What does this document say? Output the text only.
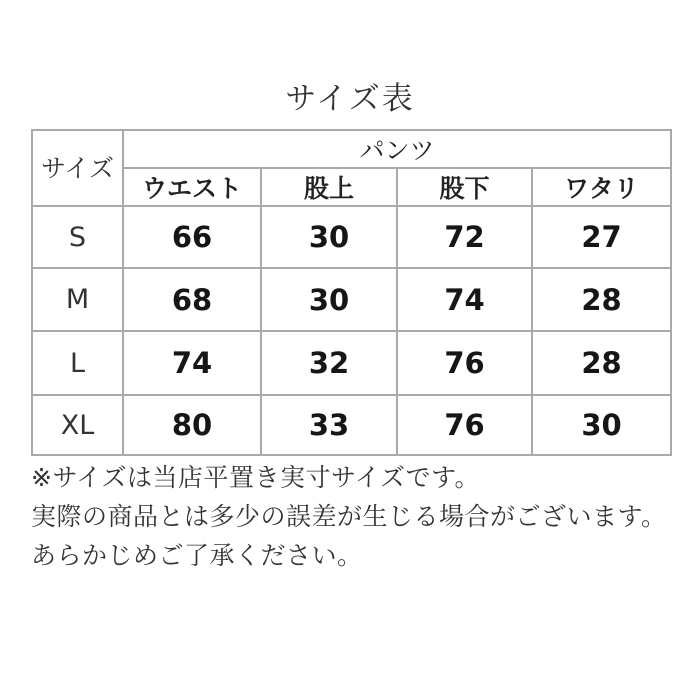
サイズ表
サイズ	パンツ			
	ウエスト	股上	股下	ワタリ
S	66	30	72	27
M	68	30	74	28
L	74	32	76	28
XL	80	33	76	30

※サイズは当店平置き実寸サイズです。

実際の商品とは多少の誤差が生じる場合がございます。

あらかじめご了承ください。
